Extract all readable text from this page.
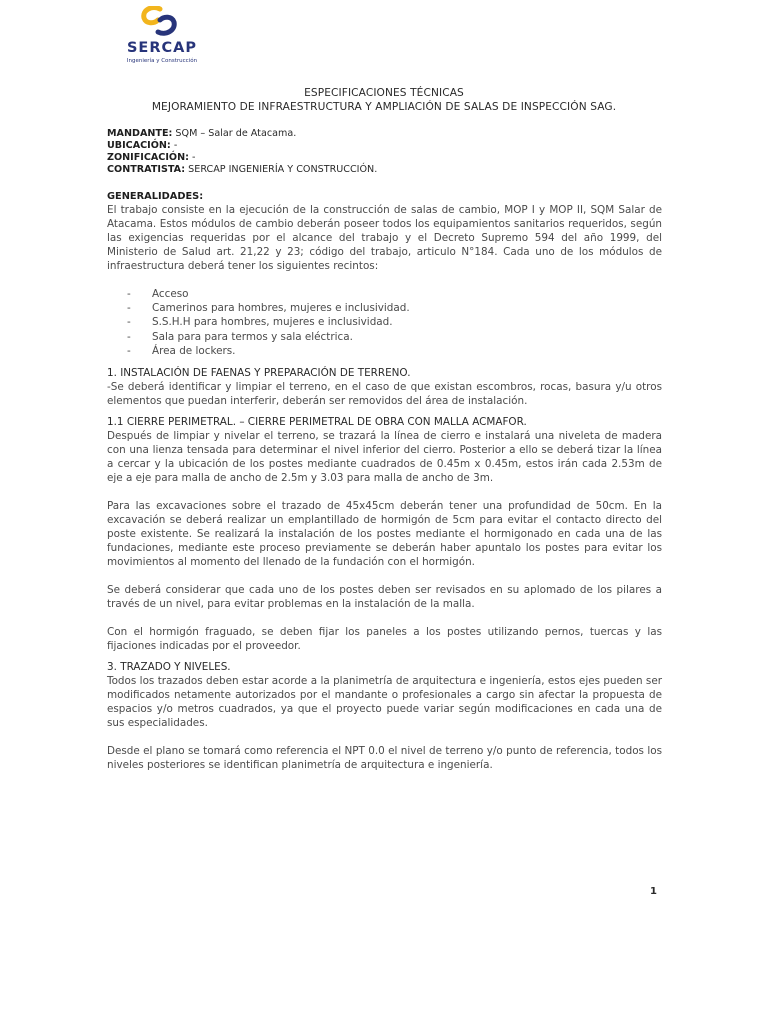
SERCAP
Ingeniería y Construcción
ESPECIFICACIONES TÉCNICAS
MEJORAMIENTO DE INFRAESTRUCTURA Y AMPLIACIÓN DE SALAS DE INSPECCIÓN SAG.
MANDANTE: SQM – Salar de Atacama.
UBICACIÓN: -
ZONIFICACIÓN: -
CONTRATISTA: SERCAP INGENIERÍA Y CONSTRUCCIÓN.
GENERALIDADES:

El trabajo consiste en la ejecución de la construcción de salas de cambio, MOP I y MOP II, SQM Salar de Atacama. Estos módulos de cambio deberán poseer todos los equipamientos sanitarios requeridos, según las exigencias requeridas por el alcance del trabajo y el Decreto Supremo 594 del año 1999, del Ministerio de Salud art. 21,22 y 23; código del trabajo, articulo N°184. Cada uno de los módulos de infraestructura deberá tener los siguientes recintos:

- Acceso
- Camerinos para hombres, mujeres e inclusividad.
- S.S.H.H para hombres, mujeres e inclusividad.
- Sala para para termos y sala eléctrica.
- Área de lockers.

1. INSTALACIÓN DE FAENAS Y PREPARACIÓN DE TERRENO.

-Se deberá identificar y limpiar el terreno, en el caso de que existan escombros, rocas, basura y/u otros elementos que puedan interferir, deberán ser removidos del área de instalación.

1.1 CIERRE PERIMETRAL. – CIERRE PERIMETRAL DE OBRA CON MALLA ACMAFOR.

Después de limpiar y nivelar el terreno, se trazará la línea de cierro e instalará una niveleta de madera con una lienza tensada para determinar el nivel inferior del cierro. Posterior a ello se deberá tizar la línea a cercar y la ubicación de los postes mediante cuadrados de 0.45m x 0.45m, estos irán cada 2.53m de eje a eje para malla de ancho de 2.5m y 3.03 para malla de ancho de 3m.

Para las excavaciones sobre el trazado de 45x45cm deberán tener una profundidad de 50cm. En la excavación se deberá realizar un emplantillado de hormigón de 5cm para evitar el contacto directo del poste existente. Se realizará la instalación de los postes mediante el hormigonado en cada una de las fundaciones, mediante este proceso previamente se deberán haber apuntalo los postes para evitar los movimientos al momento del llenado de la fundación con el hormigón.

Se deberá considerar que cada uno de los postes deben ser revisados en su aplomado de los pilares a través de un nivel, para evitar problemas en la instalación de la malla.

Con el hormigón fraguado, se deben fijar los paneles a los postes utilizando pernos, tuercas y las fijaciones indicadas por el proveedor.

3. TRAZADO Y NIVELES.

Todos los trazados deben estar acorde a la planimetría de arquitectura e ingeniería, estos ejes pueden ser modificados netamente autorizados por el mandante o profesionales a cargo sin afectar la propuesta de espacios y/o metros cuadrados, ya que el proyecto puede variar según modificaciones en cada una de sus especialidades.

Desde el plano se tomará como referencia el NPT 0.0 el nivel de terreno y/o punto de referencia, todos los niveles posteriores se identifican planimetría de arquitectura e ingeniería.

1
